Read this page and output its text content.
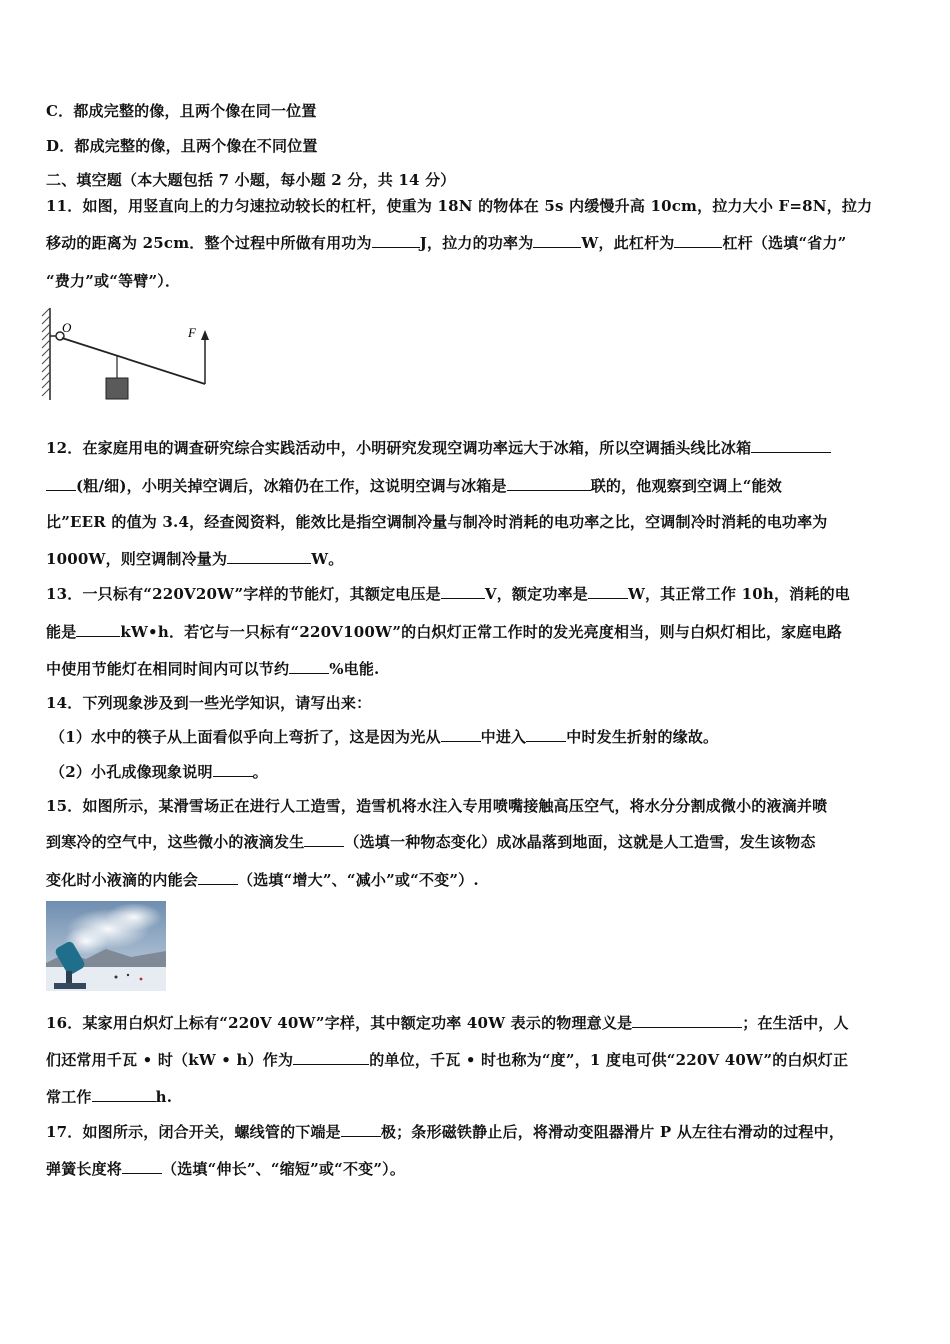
C．都成完整的像，且两个像在同一位置
D．都成完整的像，且两个像在不同位置
二、填空题（本大题包括 7 小题，每小题 2 分，共 14 分）
11．如图，用竖直向上的力匀速拉动较长的杠杆，使重为 18N 的物体在 5s 内缓慢升高 10cm，拉力大小 F=8N，拉力
移动的距离为 25cm．整个过程中所做有用功为	J，拉力的功率为	W，此杠杆为	杠杆（选填“省力”
“费力”或“等臂”）．
O	F
12．在家庭用电的调查研究综合实践活动中，小明研究发现空调功率远大于冰箱，所以空调插头线比冰箱
(粗/细)，小明关掉空调后，冰箱仍在工作，这说明空调与冰箱是	联的，他观察到空调上“能效
比”EER 的值为 3.4，经查阅资料，能效比是指空调制冷量与制冷时消耗的电功率之比，空调制冷时消耗的电功率为
1000W，则空调制冷量为	W。
13．一只标有“220V20W”字样的节能灯，其额定电压是	V，额定功率是	W，其正常工作 10h，消耗的电
能是	kW•h．若它与一只标有“220V100W”的白炽灯正常工作时的发光亮度相当，则与白炽灯相比，家庭电路
中使用节能灯在相同时间内可以节约	%电能.
14．下列现象涉及到一些光学知识，请写出来：
（1）水中的筷子从上面看似乎向上弯折了，这是因为光从	中进入	中时发生折射的缘故。
（2）小孔成像现象说明	。
15．如图所示，某滑雪场正在进行人工造雪，造雪机将水注入专用喷嘴接触高压空气，将水分分割成微小的液滴并喷
到寒冷的空气中，这些微小的液滴发生	（选填一种物态变化）成冰晶落到地面，这就是人工造雪，发生该物态
变化时小液滴的内能会	（选填“增大”、“减小”或“不变”）.
16．某家用白炽灯上标有“220V 40W”字样，其中额定功率 40W 表示的物理意义是	；在生活中，人
们还常用千瓦 • 时（kW • h）作为	的单位，千瓦 • 时也称为“度”，1 度电可供“220V 40W”的白炽灯正
常工作	h.
17．如图所示，闭合开关，螺线管的下端是	极；条形磁铁静止后，将滑动变阻器滑片 P 从左往右滑动的过程中，
弹簧长度将	（选填“伸长”、“缩短”或“不变”）。
